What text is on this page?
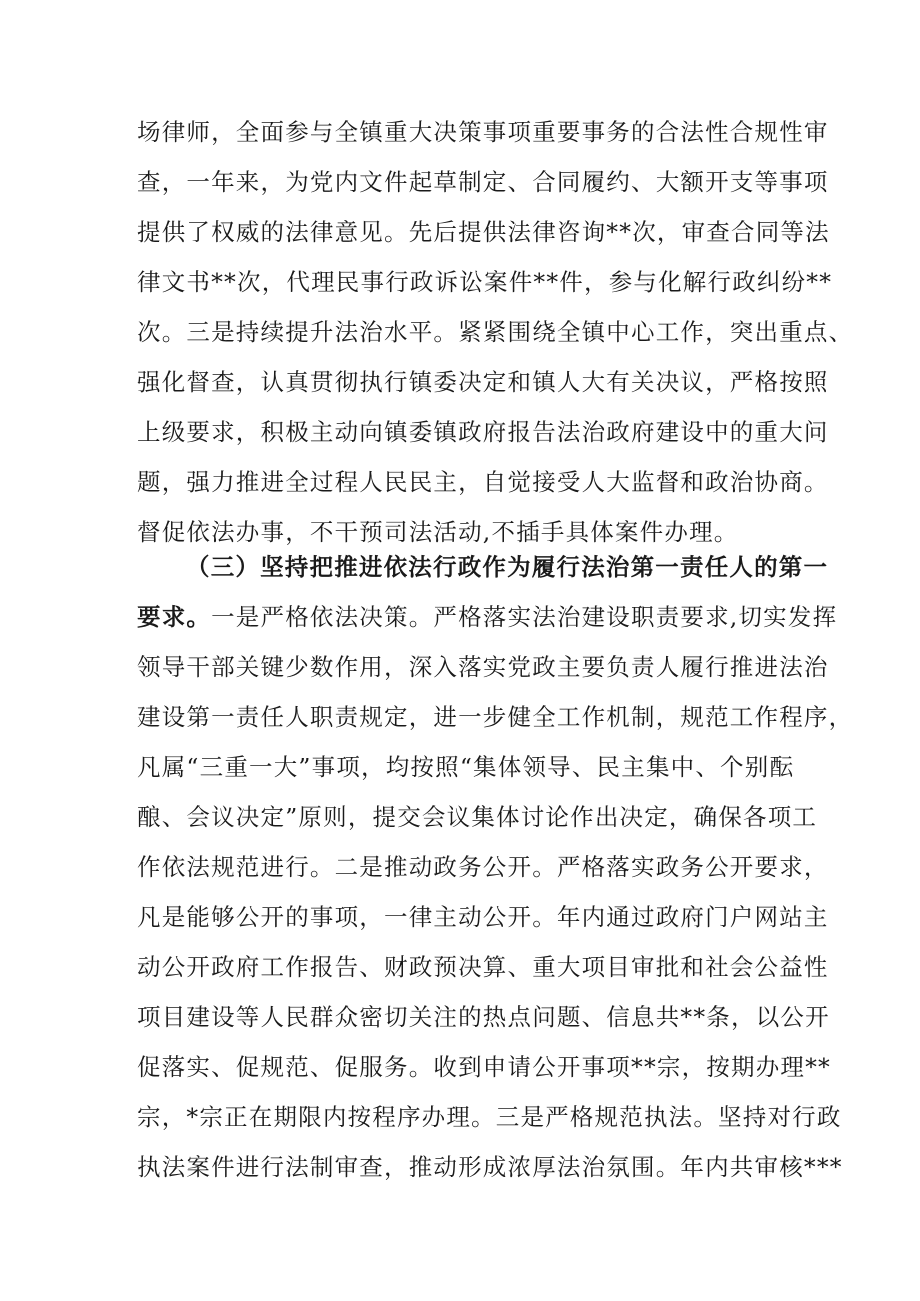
场律师，全面参与全镇重大决策事项重要事务的合法性合规性审
查，一年来，为党内文件起草制定、合同履约、大额开支等事项
提供了权威的法律意见。先后提供法律咨询**次，审查合同等法
律文书**次，代理民事行政诉讼案件**件，参与化解行政纠纷**
次。三是持续提升法治水平。紧紧围绕全镇中心工作，突出重点、
强化督查，认真贯彻执行镇委决定和镇人大有关决议，严格按照
上级要求，积极主动向镇委镇政府报告法治政府建设中的重大问
题，强力推进全过程人民民主，自觉接受人大监督和政治协商。
督促依法办事，不干预司法活动,不插手具体案件办理。
（三）坚持把推进依法行政作为履行法治第一责任人的第一
要求。一是严格依法决策。严格落实法治建设职责要求,切实发挥
领导干部关键少数作用，深入落实党政主要负责人履行推进法治
建设第一责任人职责规定，进一步健全工作机制，规范工作程序，
凡属“三重一大”事项，均按照“集体领导、民主集中、个别酝
酿、会议决定”原则，提交会议集体讨论作出决定，确保各项工
作依法规范进行。二是推动政务公开。严格落实政务公开要求，
凡是能够公开的事项，一律主动公开。年内通过政府门户网站主
动公开政府工作报告、财政预决算、重大项目审批和社会公益性
项目建设等人民群众密切关注的热点问题、信息共**条，以公开
促落实、促规范、促服务。收到申请公开事项**宗，按期办理**
宗，*宗正在期限内按程序办理。三是严格规范执法。坚持对行政
执法案件进行法制审查，推动形成浓厚法治氛围。年内共审核***
